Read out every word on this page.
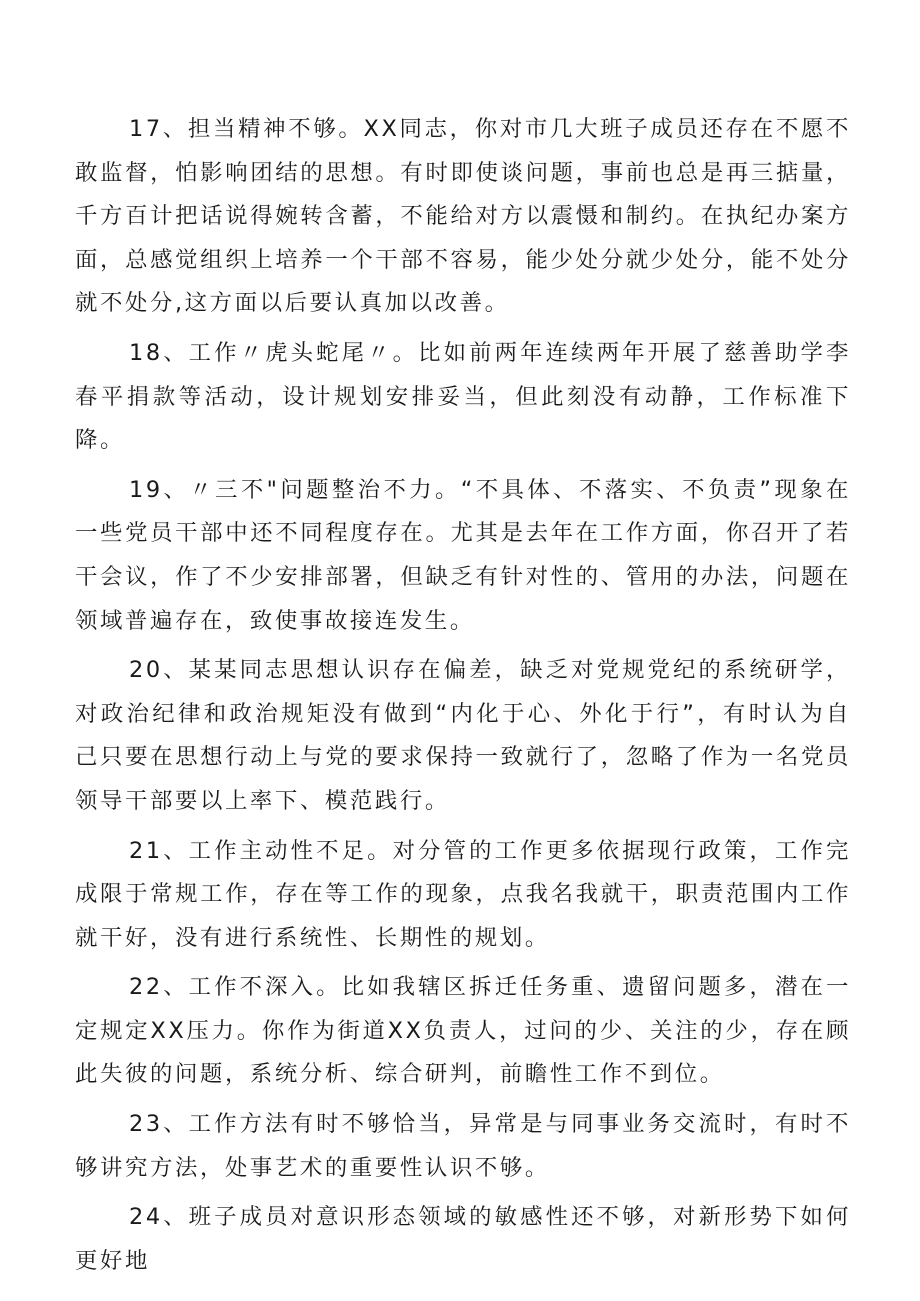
17、担当精神不够。XX同志，你对市几大班子成员还存在不愿不敢监督，怕影响团结的思想。有时即使谈问题，事前也总是再三掂量，千方百计把话说得婉转含蓄，不能给对方以震慑和制约。在执纪办案方面，总感觉组织上培养一个干部不容易，能少处分就少处分，能不处分就不处分,这方面以后要认真加以改善。

18、工作〃虎头蛇尾〃。比如前两年连续两年开展了慈善助学李春平捐款等活动，设计规划安排妥当，但此刻没有动静，工作标准下降。

19、〃三不"问题整治不力。“不具体、不落实、不负责”现象在一些党员干部中还不同程度存在。尤其是去年在工作方面，你召开了若干会议，作了不少安排部署，但缺乏有针对性的、管用的办法，问题在领域普遍存在，致使事故接连发生。

20、某某同志思想认识存在偏差，缺乏对党规党纪的系统研学，对政治纪律和政治规矩没有做到“内化于心、外化于行”，有时认为自己只要在思想行动上与党的要求保持一致就行了，忽略了作为一名党员领导干部要以上率下、模范践行。

21、工作主动性不足。对分管的工作更多依据现行政策，工作完成限于常规工作，存在等工作的现象，点我名我就干，职责范围内工作就干好，没有进行系统性、长期性的规划。

22、工作不深入。比如我辖区拆迁任务重、遗留问题多，潜在一定规定XX压力。你作为街道XX负责人，过问的少、关注的少，存在顾此失彼的问题，系统分析、综合研判，前瞻性工作不到位。

23、工作方法有时不够恰当，异常是与同事业务交流时，有时不够讲究方法，处事艺术的重要性认识不够。

24、班子成员对意识形态领域的敏感性还不够，对新形势下如何更好地
